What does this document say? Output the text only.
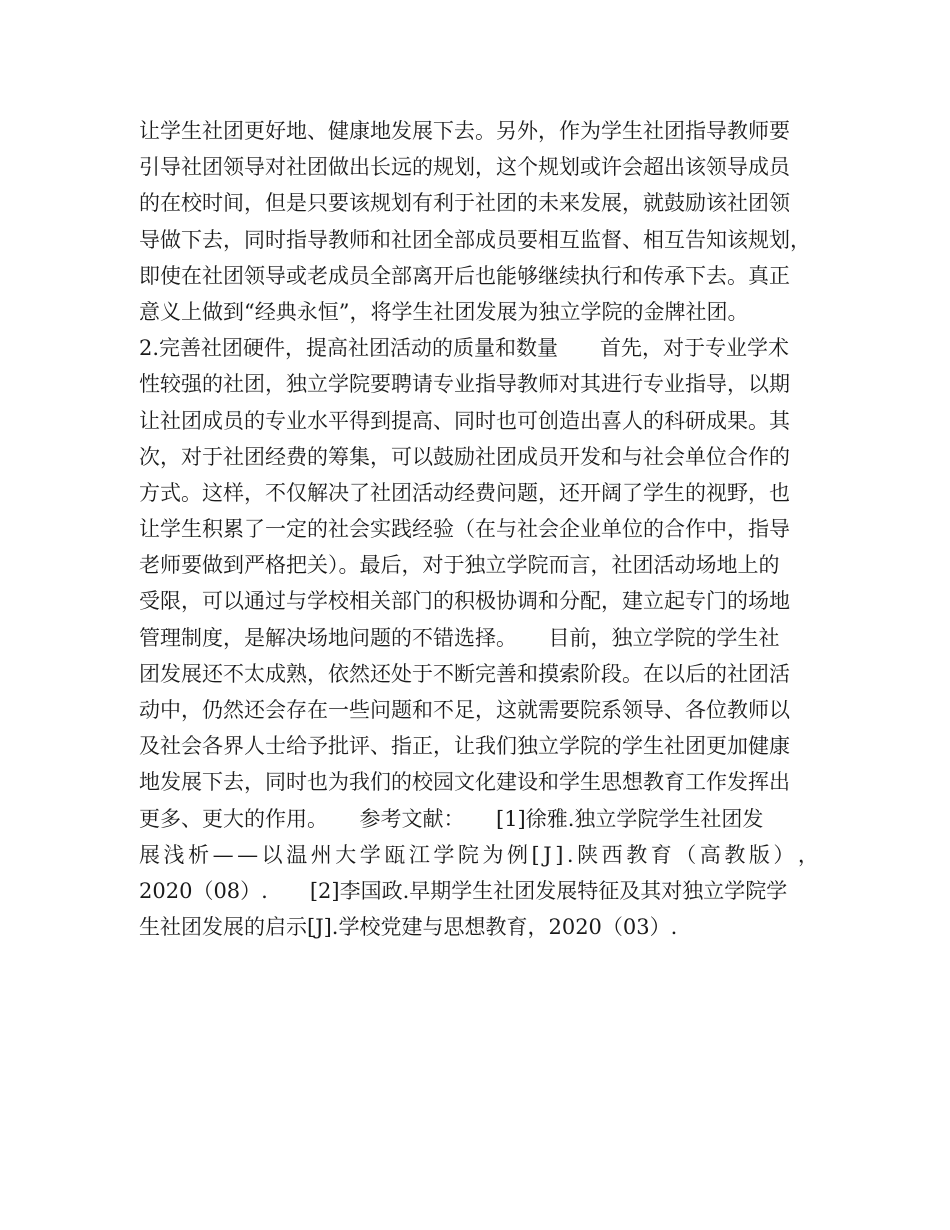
让学生社团更好地、健康地发展下去。另外，作为学生社团指导教师要
引导社团领导对社团做出长远的规划，这个规划或许会超出该领导成员
的在校时间，但是只要该规划有利于社团的未来发展，就鼓励该社团领
导做下去，同时指导教师和社团全部成员要相互监督、相互告知该规划，
即使在社团领导或老成员全部离开后也能够继续执行和传承下去。真正
意义上做到“经典永恒”，将学生社团发展为独立学院的金牌社团。
2.完善社团硬件，提高社团活动的质量和数量　　首先，对于专业学术
性较强的社团，独立学院要聘请专业指导教师对其进行专业指导，以期
让社团成员的专业水平得到提高、同时也可创造出喜人的科研成果。其
次，对于社团经费的筹集，可以鼓励社团成员开发和与社会单位合作的
方式。这样，不仅解决了社团活动经费问题，还开阔了学生的视野，也
让学生积累了一定的社会实践经验（在与社会企业单位的合作中，指导
老师要做到严格把关）。最后，对于独立学院而言，社团活动场地上的
受限，可以通过与学校相关部门的积极协调和分配，建立起专门的场地
管理制度，是解决场地问题的不错选择。　　目前，独立学院的学生社
团发展还不太成熟，依然还处于不断完善和摸索阶段。在以后的社团活
动中，仍然还会存在一些问题和不足，这就需要院系领导、各位教师以
及社会各界人士给予批评、指正，让我们独立学院的学生社团更加健康
地发展下去，同时也为我们的校园文化建设和学生思想教育工作发挥出
更多、更大的作用。　　参考文献：　　[1]徐雅.独立学院学生社团发
展 浅 析 — — 以 温 州 大 学 瓯 江 学 院 为 例 [ J ] . 陕 西 教 育 （ 高 教 版 ） ，
2020（08）.　　[2]李国政.早期学生社团发展特征及其对独立学院学
生社团发展的启示[J].学校党建与思想教育，2020（03）.
